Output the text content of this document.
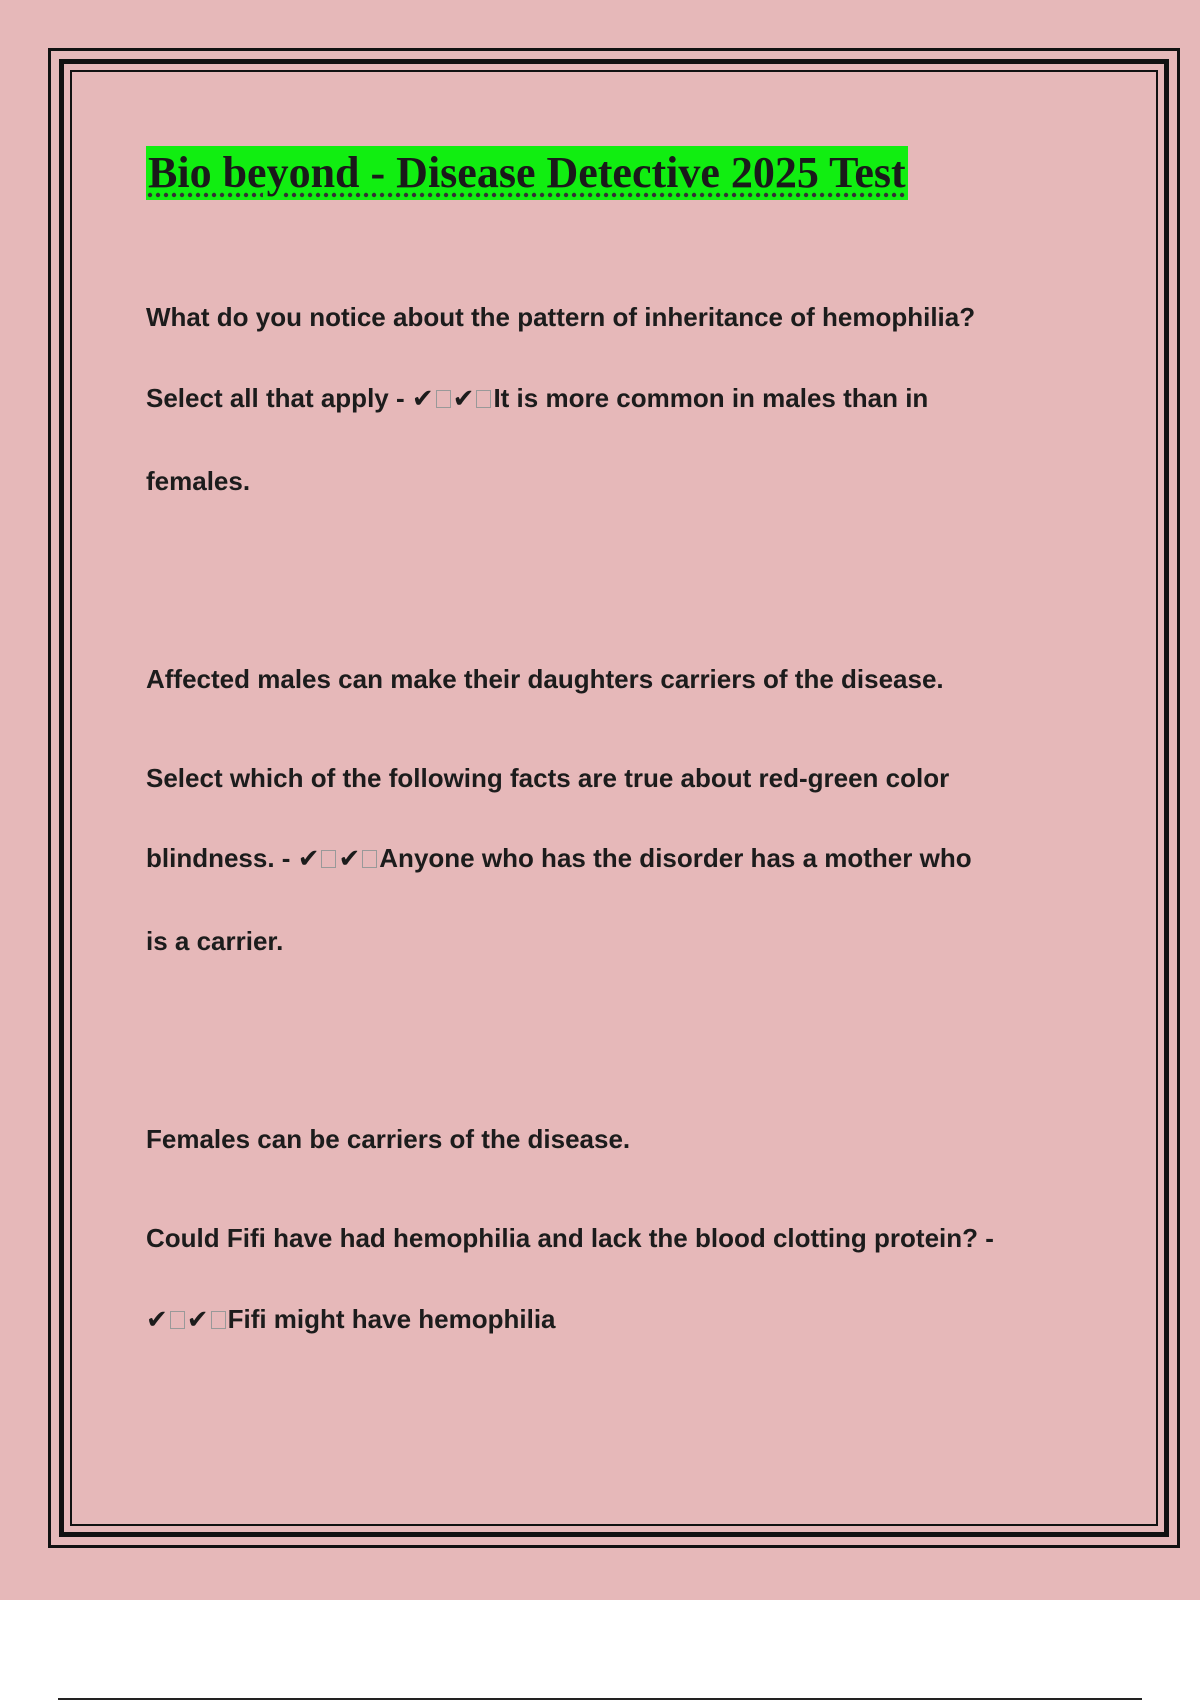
Bio beyond - Disease Detective 2025 Test
What do you notice about the pattern of inheritance of hemophilia?
Select all that apply - ✔ ✔ It is more common in males than in
females.
Affected males can make their daughters carriers of the disease.
Select which of the following facts are true about red-green color
blindness. - ✔ ✔ Anyone who has the disorder has a mother who
is a carrier.
Females can be carriers of the disease.
Could Fifi have had hemophilia and lack the blood clotting protein? -
✔ ✔ Fifi might have hemophilia
